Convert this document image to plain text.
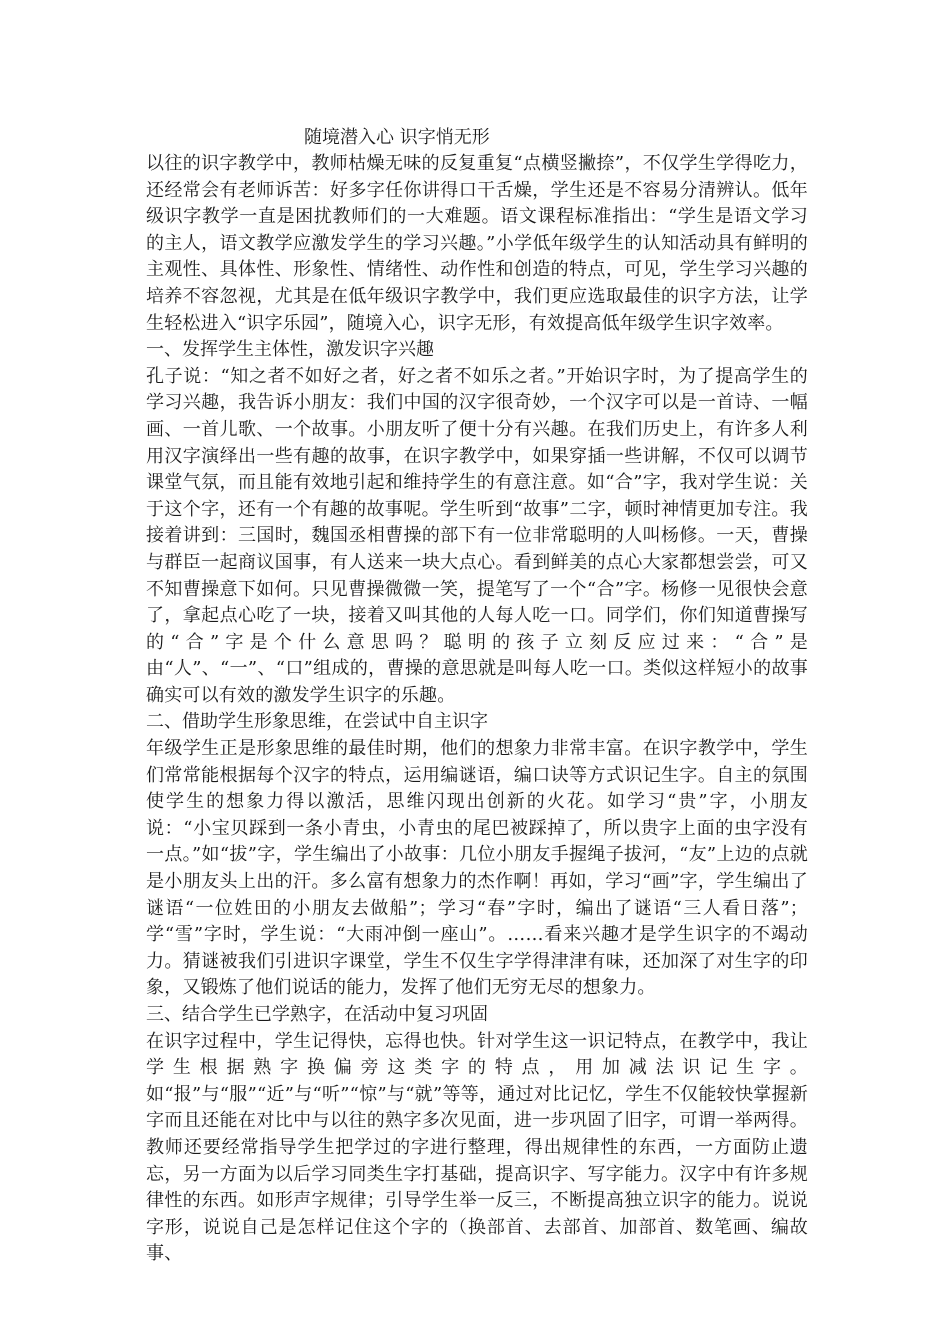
随境潜入心 识字悄无形

以往的识字教学中，教师枯燥无味的反复重复“点横竖撇捺”，不仅学生学得吃力，还经常会有老师诉苦：好多字任你讲得口干舌燥，学生还是不容易分清辨认。低年级识字教学一直是困扰教师们的一大难题。语文课程标准指出：“学生是语文学习的主人，语文教学应激发学生的学习兴趣。”小学低年级学生的认知活动具有鲜明的主观性、具体性、形象性、情绪性、动作性和创造的特点，可见，学生学习兴趣的培养不容忽视，尤其是在低年级识字教学中，我们更应选取最佳的识字方法，让学生轻松进入“识字乐园”，随境入心，识字无形，有效提高低年级学生识字效率。

一、发挥学生主体性，激发识字兴趣

孔子说：“知之者不如好之者，好之者不如乐之者。”开始识字时，为了提高学生的学习兴趣，我告诉小朋友：我们中国的汉字很奇妙，一个汉字可以是一首诗、一幅画、一首儿歌、一个故事。小朋友听了便十分有兴趣。在我们历史上，有许多人利用汉字演绎出一些有趣的故事，在识字教学中，如果穿插一些讲解，不仅可以调节课堂气氛，而且能有效地引起和维持学生的有意注意。如“合”字，我对学生说：关于这个字，还有一个有趣的故事呢。学生听到“故事”二字，顿时神情更加专注。我接着讲到：三国时，魏国丞相曹操的部下有一位非常聪明的人叫杨修。一天，曹操与群臣一起商议国事，有人送来一块大点心。看到鲜美的点心大家都想尝尝，可又不知曹操意下如何。只见曹操微微一笑，提笔写了一个“合”字。杨修一见很快会意了，拿起点心吃了一块，接着又叫其他的人每人吃一口。同学们，你们知道曹操写的“合”字是个什么意思吗？聪明的孩子立刻反应过来：“合”是由“人”、“一”、“口”组成的，曹操的意思就是叫每人吃一口。类似这样短小的故事确实可以有效的激发学生识字的乐趣。

二、借助学生形象思维，在尝试中自主识字

年级学生正是形象思维的最佳时期，他们的想象力非常丰富。在识字教学中，学生们常常能根据每个汉字的特点，运用编谜语，编口诀等方式识记生字。自主的氛围使学生的想象力得以激活，思维闪现出创新的火花。如学习“贵”字，小朋友说：“小宝贝踩到一条小青虫，小青虫的尾巴被踩掉了，所以贵字上面的虫字没有一点。”如“拔”字，学生编出了小故事：几位小朋友手握绳子拔河，“友”上边的点就是小朋友头上出的汗。多么富有想象力的杰作啊！再如，学习“画”字，学生编出了谜语“一位姓田的小朋友去做船”；学习“春”字时，编出了谜语“三人看日落”；学“雪”字时，学生说：“大雨冲倒一座山”。……看来兴趣才是学生识字的不竭动力。猜谜被我们引进识字课堂，学生不仅生字学得津津有味，还加深了对生字的印象，又锻炼了他们说话的能力，发挥了他们无穷无尽的想象力。

三、结合学生已学熟字，在活动中复习巩固

在识字过程中，学生记得快，忘得也快。针对学生这一识记特点，在教学中，我让学生根据熟字换偏旁这类字的特点，用加减法识记生字。如“报”与“服”“近”与“听”“惊”与“就”等等，通过对比记忆，学生不仅能较快掌握新字而且还能在对比中与以往的熟字多次见面，进一步巩固了旧字，可谓一举两得。教师还要经常指导学生把学过的字进行整理，得出规律性的东西，一方面防止遗忘，另一方面为以后学习同类生字打基础，提高识字、写字能力。汉字中有许多规律性的东西。如形声字规律；引导学生举一反三，不断提高独立识字的能力。说说字形，说说自己是怎样记住这个字的（换部首、去部首、加部首、数笔画、编故事、
